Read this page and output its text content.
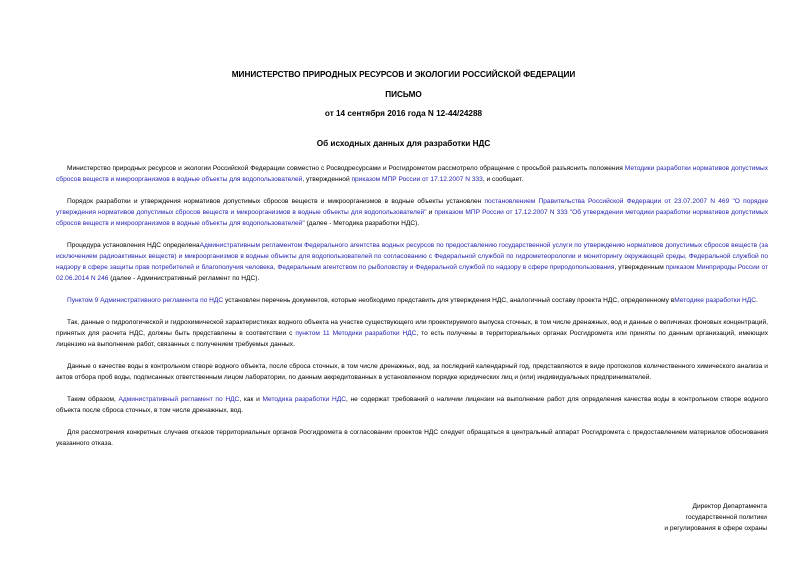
МИНИСТЕРСТВО ПРИРОДНЫХ РЕСУРСОВ И ЭКОЛОГИИ РОССИЙСКОЙ ФЕДЕРАЦИИ
ПИСЬМО
от 14 сентября 2016 года N 12-44/24288
Об исходных данных для разработки НДС

Министерство природных ресурсов и экологии Российской Федерации совместно с Росводресурсами и Росгидрометом рассмотрело обращение с просьбой разъяснить положения Методики разработки нормативов допустимых сбросов веществ и микроорганизмов в водные объекты для водопользователей, утвержденной приказом МПР России от 17.12.2007 N 333, и сообщает.

Порядок разработки и утверждения нормативов допустимых сбросов веществ и микроорганизмов в водные объекты установлен постановлением Правительства Российской Федерации от 23.07.2007 N 469 "О порядке утверждения нормативов допустимых сбросов веществ и микроорганизмов в водные объекты для водопользователей" и приказом МПР России от 17.12.2007 N 333 "Об утверждении методики разработки нормативов допустимых сбросов веществ и микроорганизмов в водные объекты для водопользователей" (далее - Методика разработки НДС).

Процедура установления НДС определенаАдминистративным регламентом Федерального агентства водных ресурсов по предоставлению государственной услуги по утверждению нормативов допустимых сбросов веществ (за исключением радиоактивных веществ) и микроорганизмов в водные объекты для водопользователей по согласованию с Федеральной службой по гидрометеорологии и мониторингу окружающей среды, Федеральной службой по надзору в сфере защиты прав потребителей и благополучия человека, Федеральным агентством по рыболовству и Федеральной службой по надзору в сфере природопользования, утвержденным приказом Минприроды России от 02.06.2014 N 246 (далее - Административный регламент по НДС).

Пунктом 9 Административного регламента по НДС установлен перечень документов, которые необходимо представить для утверждения НДС, аналогичный составу проекта НДС, определенному вМетодике разработки НДС.

Так, данные о гидрологической и гидрохимической характеристиках водного объекта на участке существующего или проектируемого выпуска сточных, в том числе дренажных, вод и данные о величинах фоновых концентраций, принятых для расчета НДС, должны быть представлены в соответствии с пунктом 11 Методики разработки НДС, то есть получены в территориальных органах Росгидромета или приняты по данным организаций, имеющих лицензию на выполнение работ, связанных с получением требуемых данных.

Данные о качестве воды в контрольном створе водного объекта, после сброса сточных, в том числе дренажных, вод, за последний календарный год, представляются в виде протоколов количественного химического анализа и актов отбора проб воды, подписанных ответственным лицом лаборатории, по данным аккредитованных в установленном порядке юридических лиц и (или) индивидуальных предпринимателей.

Таким образом, Административный регламент по НДС, как и Методика разработки НДС, не содержат требований о наличии лицензии на выполнение работ для определения качества воды в контрольном створе водного объекта после сброса сточных, в том числе дренажных, вод.

Для рассмотрения конкретных случаев отказов территориальных органов Росгидромета в согласовании проектов НДС следует обращаться в центральный аппарат Росгидромета с предоставлением материалов обоснования указанного отказа.

Директор Департамента
государственной политики
и регулирования в сфере охраны
